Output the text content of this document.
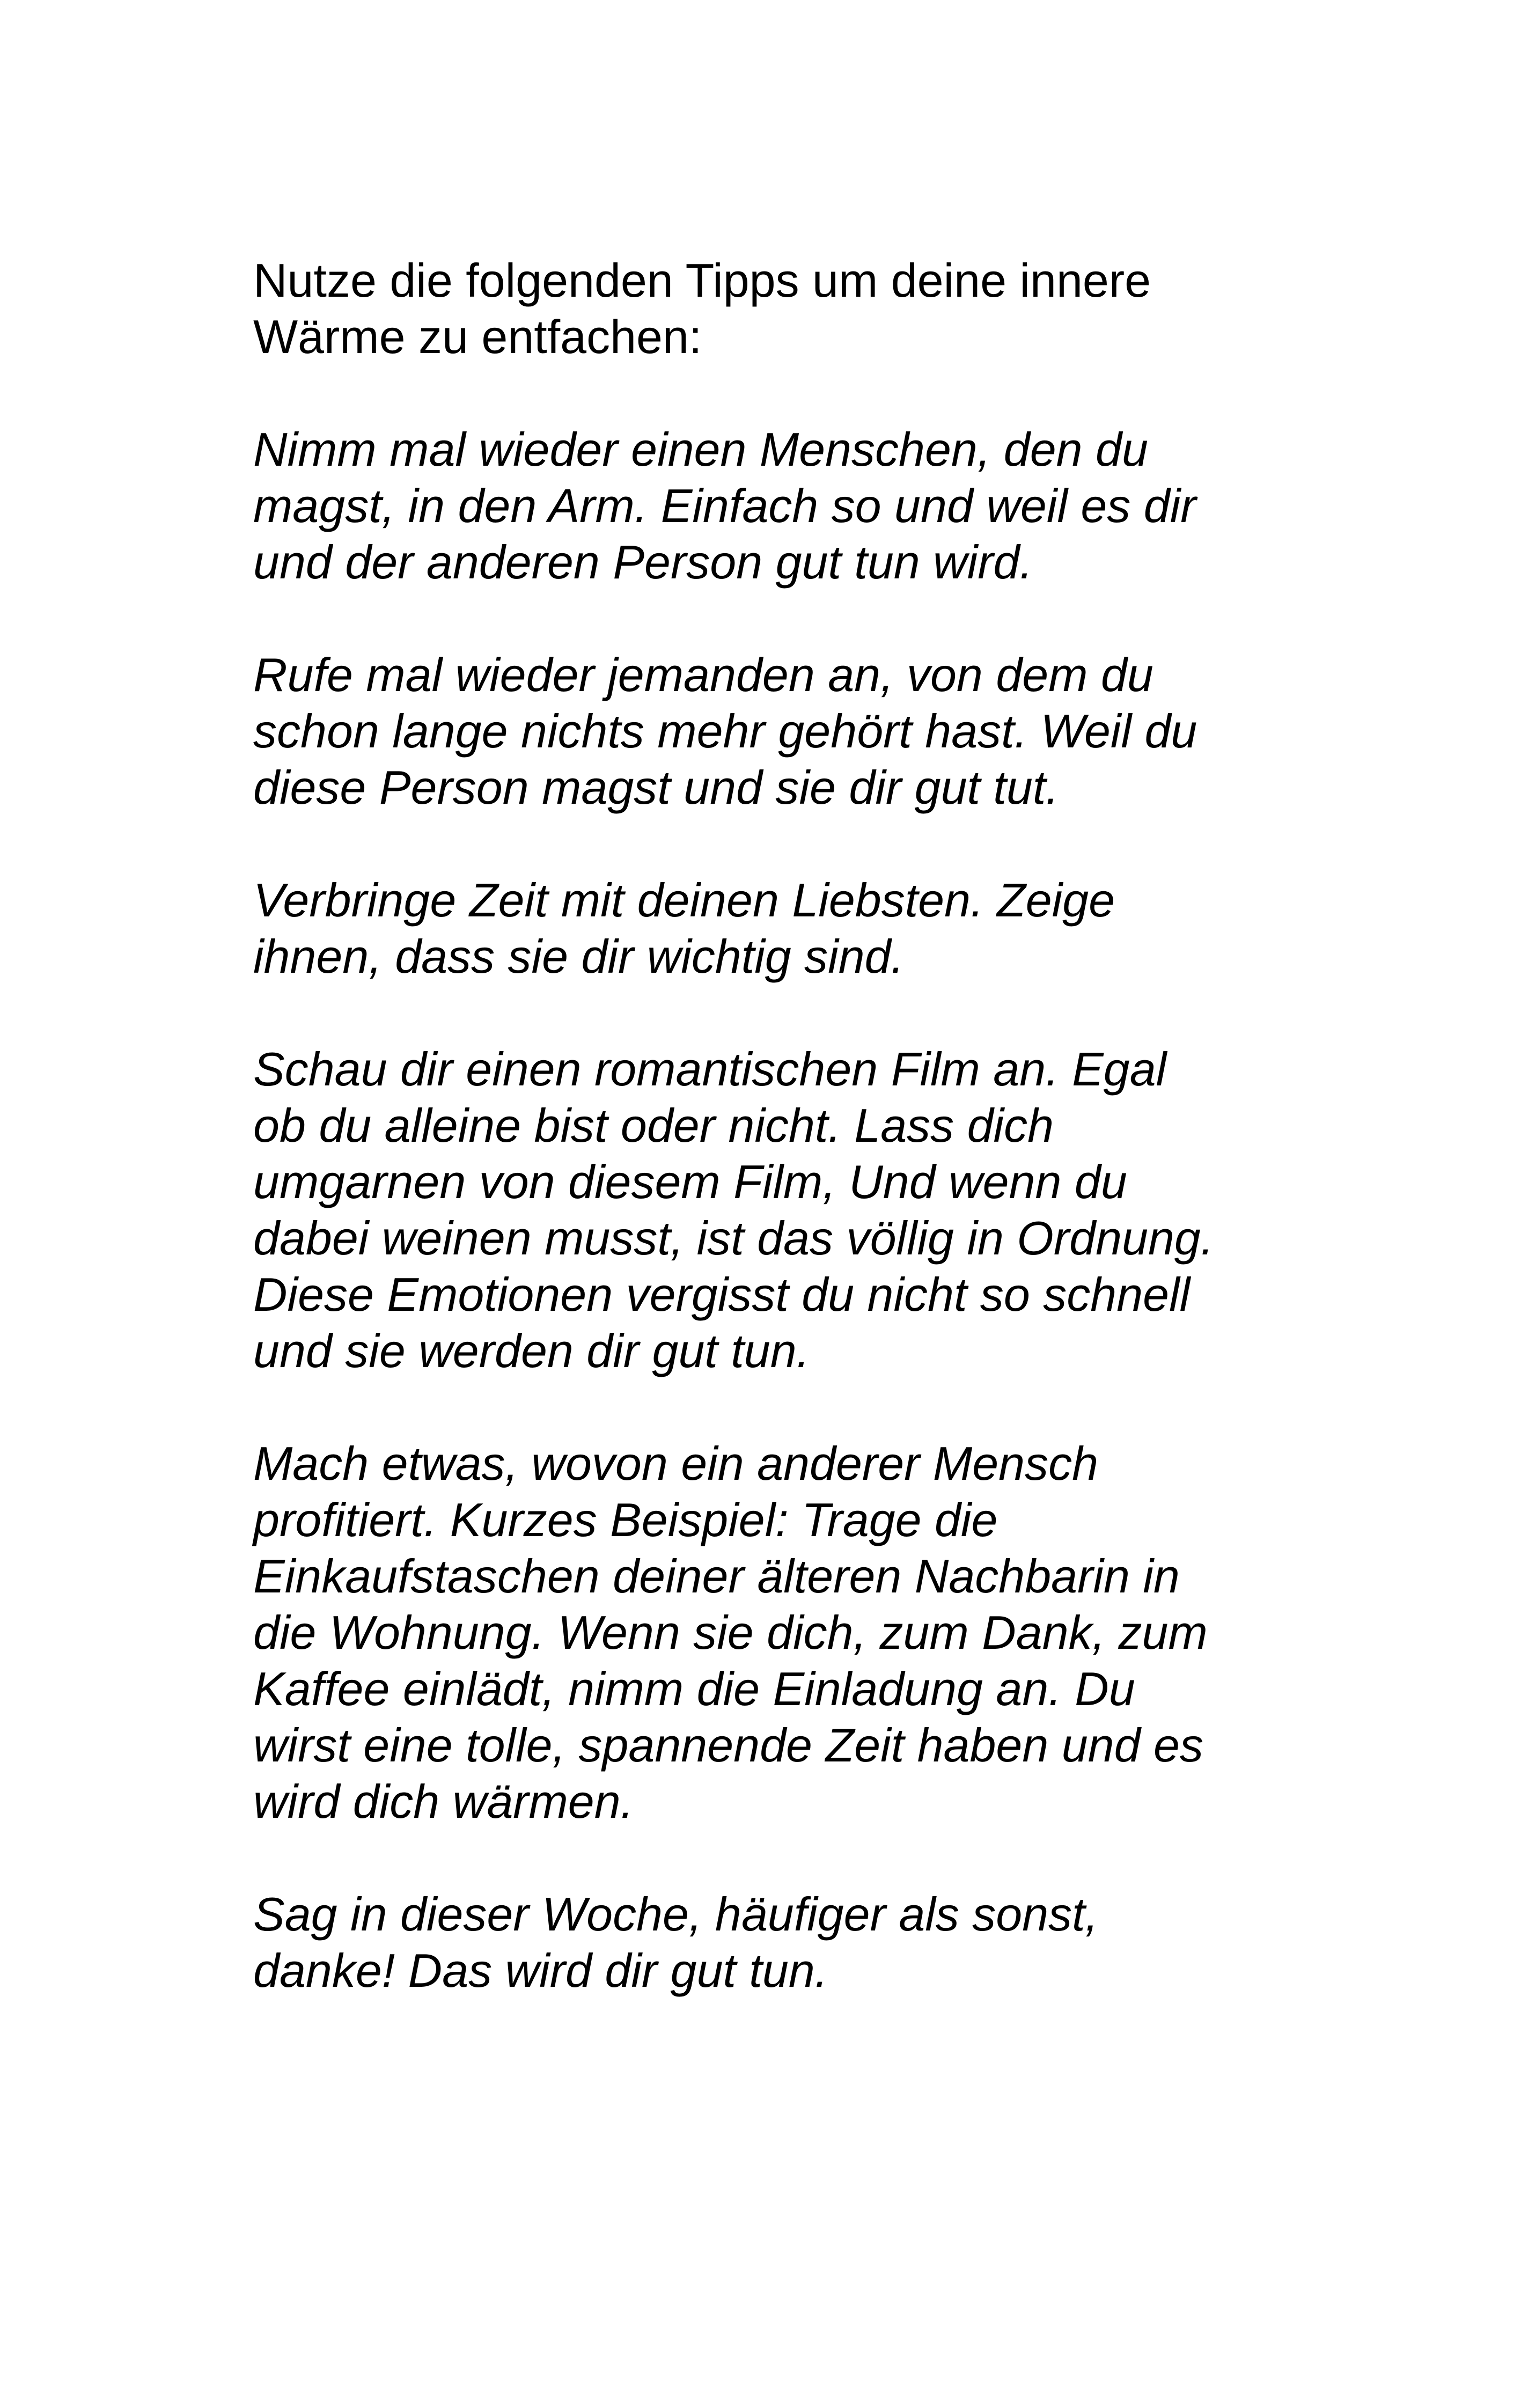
Nutze die folgenden Tipps um deine innere
Wärme zu entfachen:

Nimm mal wieder einen Menschen, den du
magst, in den Arm. Einfach so und weil es dir
und der anderen Person gut tun wird.

Rufe mal wieder jemanden an, von dem du
schon lange nichts mehr gehört hast. Weil du
diese Person magst und sie dir gut tut.

Verbringe Zeit mit deinen Liebsten. Zeige
ihnen, dass sie dir wichtig sind.

Schau dir einen romantischen Film an. Egal
ob du alleine bist oder nicht. Lass dich
umgarnen von diesem Film, Und wenn du
dabei weinen musst, ist das völlig in Ordnung.
Diese Emotionen vergisst du nicht so schnell
und sie werden dir gut tun.

Mach etwas, wovon ein anderer Mensch
profitiert. Kurzes Beispiel: Trage die
Einkaufstaschen deiner älteren Nachbarin in
die Wohnung. Wenn sie dich, zum Dank, zum
Kaffee einlädt, nimm die Einladung an. Du
wirst eine tolle, spannende Zeit haben und es
wird dich wärmen.

Sag in dieser Woche, häufiger als sonst,
danke! Das wird dir gut tun.
